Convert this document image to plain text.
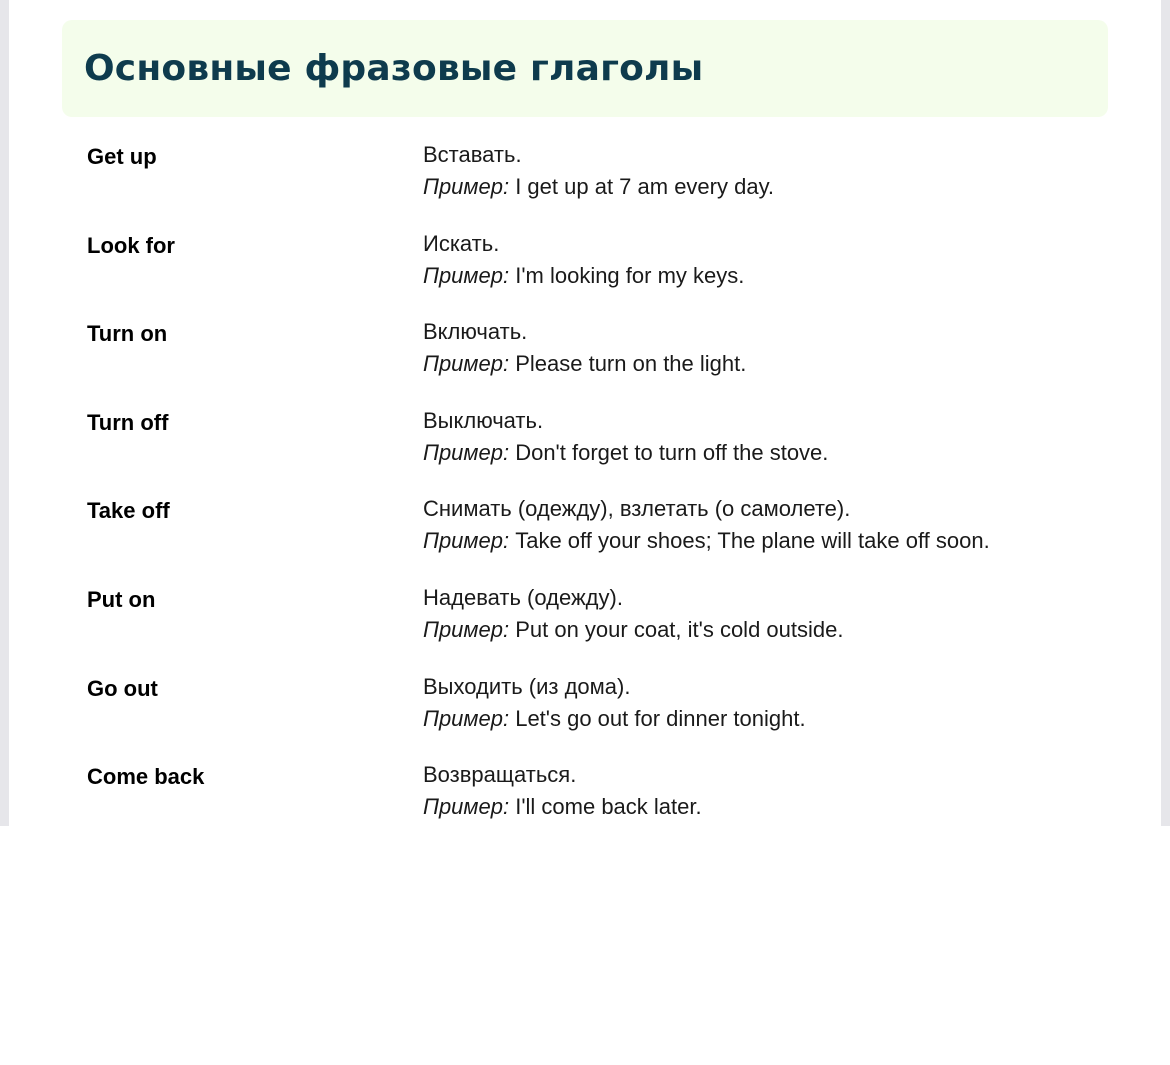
Основные фразовые глаголы
Get up	Вставать.
Пример: I get up at 7 am every day.
Look for	Искать.
Пример: I'm looking for my keys.
Turn on	Включать.
Пример: Please turn on the light.
Turn off	Выключать.
Пример: Don't forget to turn off the stove.
Take off	Снимать (одежду), взлетать (о самолете).
Пример: Take off your shoes; The plane will take off soon.
Put on	Надевать (одежду).
Пример: Put on your coat, it's cold outside.
Go out	Выходить (из дома).
Пример: Let's go out for dinner tonight.
Come back	Возвращаться.
Пример: I'll come back later.
